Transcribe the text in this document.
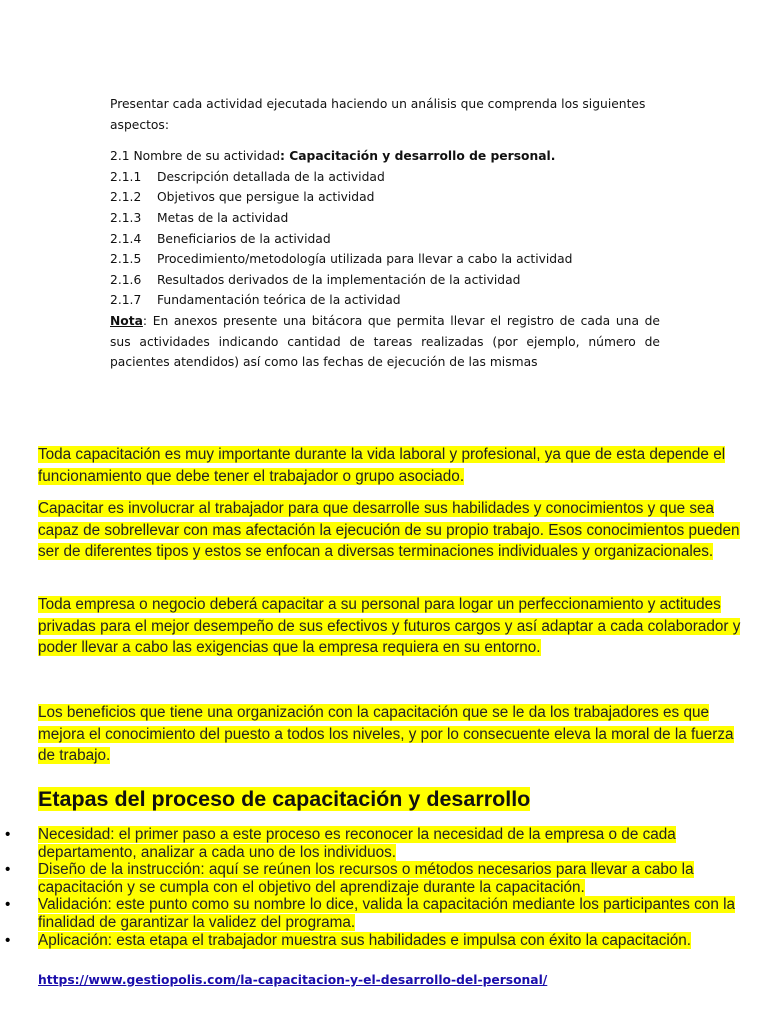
Presentar cada actividad ejecutada haciendo un análisis que comprenda los siguientes aspectos:

2.1 Nombre de su actividad: Capacitación y desarrollo de personal.

2.1.1	Descripción detallada de la actividad
2.1.2	Objetivos que persigue la actividad
2.1.3	Metas de la actividad
2.1.4	Beneficiarios de la actividad
2.1.5	Procedimiento/metodología utilizada para llevar a cabo la actividad
2.1.6	Resultados derivados de la implementación de la actividad
2.1.7	Fundamentación teórica de la actividad

Nota: En anexos presente una bitácora que permita llevar el registro de cada una de sus actividades indicando cantidad de tareas realizadas (por ejemplo, número de pacientes atendidos) así como las fechas de ejecución de las mismas

Toda capacitación es muy importante durante la vida laboral y profesional, ya que de esta depende el funcionamiento que debe tener el trabajador o grupo asociado.
Capacitar es involucrar al trabajador para que desarrolle sus habilidades y conocimientos y que sea capaz de sobrellevar con mas afectación la ejecución de su propio trabajo. Esos conocimientos pueden ser de diferentes tipos y estos se enfocan a diversas terminaciones individuales y organizacionales.
Toda empresa o negocio deberá capacitar a su personal para logar un perfeccionamiento y actitudes privadas para el mejor desempeño de sus efectivos y futuros cargos y así adaptar a cada colaborador y poder llevar a cabo las exigencias que la empresa requiera en su entorno.
Los beneficios que tiene una organización con la capacitación que se le da los trabajadores es que mejora el conocimiento del puesto a todos los niveles, y por lo consecuente eleva la moral de la fuerza de trabajo.
Etapas del proceso de capacitación y desarrollo
• Necesidad: el primer paso a este proceso es reconocer la necesidad de la empresa o de cada departamento, analizar a cada uno de los individuos.
• Diseño de la instrucción: aquí se reúnen los recursos o métodos necesarios para llevar a cabo la capacitación y se cumpla con el objetivo del aprendizaje durante la capacitación.
• Validación: este punto como su nombre lo dice, valida la capacitación mediante los participantes con la finalidad de garantizar la validez del programa.
• Aplicación: esta etapa el trabajador muestra sus habilidades e impulsa con éxito la capacitación.
https://www.gestiopolis.com/la-capacitacion-y-el-desarrollo-del-personal/
